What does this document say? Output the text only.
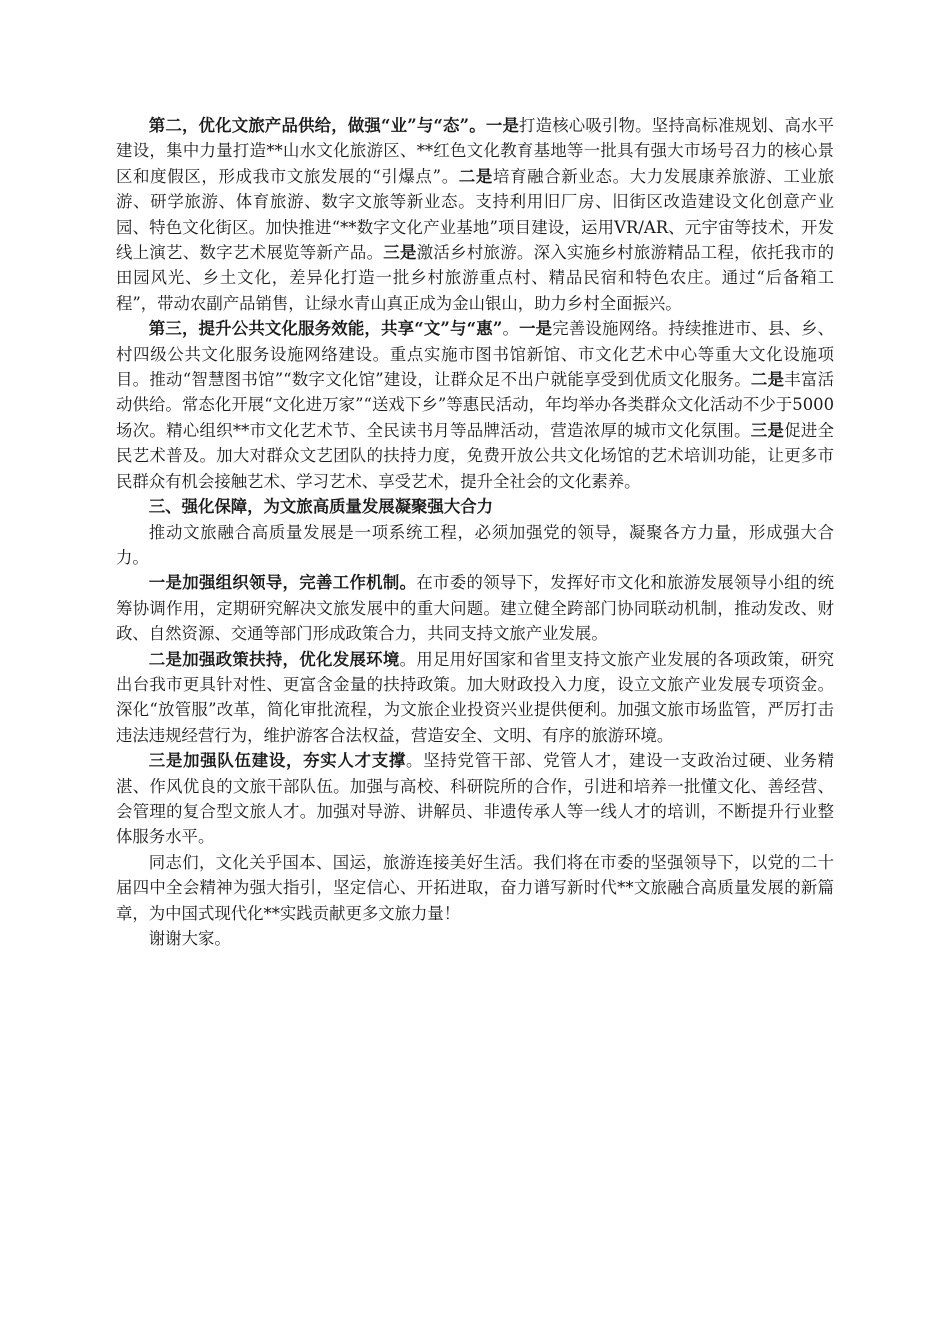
第二，优化文旅产品供给，做强“业”与“态”。一是打造核心吸引物。坚持高标准规划、高水平建设，集中力量打造**山水文化旅游区、**红色文化教育基地等一批具有强大市场号召力的核心景区和度假区，形成我市文旅发展的“引爆点”。二是培育融合新业态。大力发展康养旅游、工业旅游、研学旅游、体育旅游、数字文旅等新业态。支持利用旧厂房、旧街区改造建设文化创意产业园、特色文化街区。加快推进“**数字文化产业基地”项目建设，运用VR/AR、元宇宙等技术，开发线上演艺、数字艺术展览等新产品。三是激活乡村旅游。深入实施乡村旅游精品工程，依托我市的田园风光、乡土文化，差异化打造一批乡村旅游重点村、精品民宿和特色农庄。通过“后备箱工程”，带动农副产品销售，让绿水青山真正成为金山银山，助力乡村全面振兴。

第三，提升公共文化服务效能，共享“文”与“惠”。一是完善设施网络。持续推进市、县、乡、村四级公共文化服务设施网络建设。重点实施市图书馆新馆、市文化艺术中心等重大文化设施项目。推动“智慧图书馆”“数字文化馆”建设，让群众足不出户就能享受到优质文化服务。二是丰富活动供给。常态化开展“文化进万家”“送戏下乡”等惠民活动，年均举办各类群众文化活动不少于5000场次。精心组织**市文化艺术节、全民读书月等品牌活动，营造浓厚的城市文化氛围。三是促进全民艺术普及。加大对群众文艺团队的扶持力度，免费开放公共文化场馆的艺术培训功能，让更多市民群众有机会接触艺术、学习艺术、享受艺术，提升全社会的文化素养。

三、强化保障，为文旅高质量发展凝聚强大合力

推动文旅融合高质量发展是一项系统工程，必须加强党的领导，凝聚各方力量，形成强大合力。

一是加强组织领导，完善工作机制。在市委的领导下，发挥好市文化和旅游发展领导小组的统筹协调作用，定期研究解决文旅发展中的重大问题。建立健全跨部门协同联动机制，推动发改、财政、自然资源、交通等部门形成政策合力，共同支持文旅产业发展。

二是加强政策扶持，优化发展环境。用足用好国家和省里支持文旅产业发展的各项政策，研究出台我市更具针对性、更富含金量的扶持政策。加大财政投入力度，设立文旅产业发展专项资金。深化“放管服”改革，简化审批流程，为文旅企业投资兴业提供便利。加强文旅市场监管，严厉打击违法违规经营行为，维护游客合法权益，营造安全、文明、有序的旅游环境。

三是加强队伍建设，夯实人才支撑。坚持党管干部、党管人才，建设一支政治过硬、业务精湛、作风优良的文旅干部队伍。加强与高校、科研院所的合作，引进和培养一批懂文化、善经营、会管理的复合型文旅人才。加强对导游、讲解员、非遗传承人等一线人才的培训，不断提升行业整体服务水平。

同志们，文化关乎国本、国运，旅游连接美好生活。我们将在市委的坚强领导下，以党的二十届四中全会精神为强大指引，坚定信心、开拓进取，奋力谱写新时代**文旅融合高质量发展的新篇章，为中国式现代化**实践贡献更多文旅力量！

谢谢大家。
